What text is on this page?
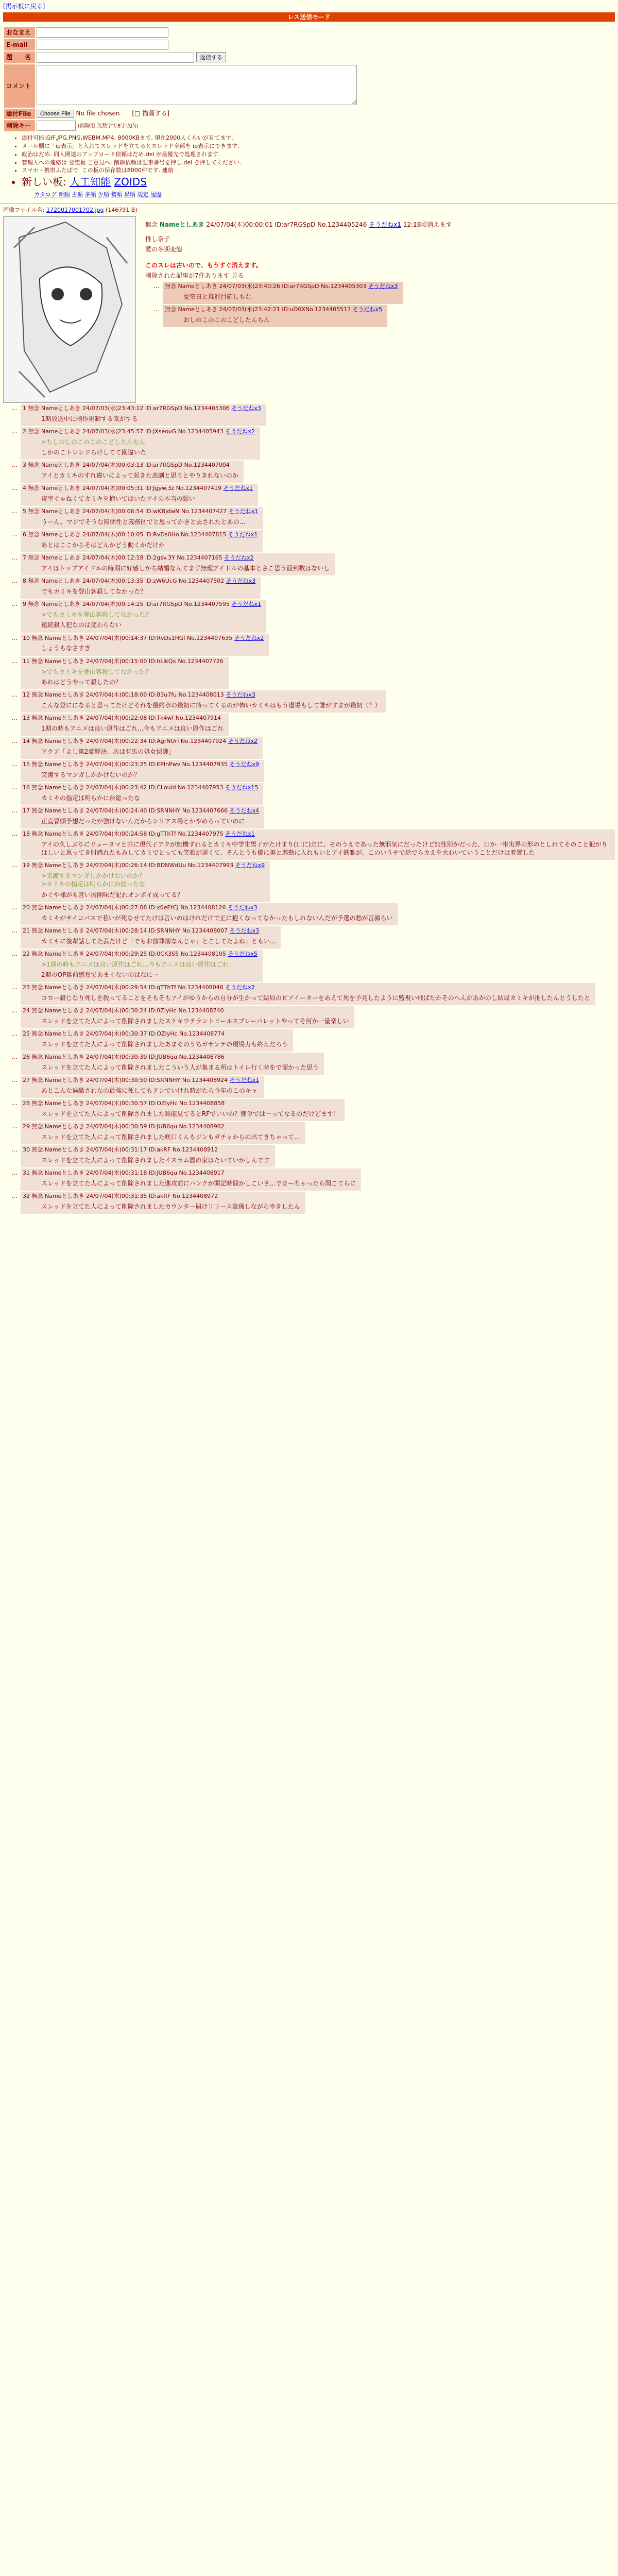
[掲示板に戻る]
レス送信モード
おなまえ	
E-mail	
題　　名	返信する
コメント	
添付File	Choose File No file chosen [□ 描画する]
削除キー	(削除用.英数字で8字以内)
• 添付可能:GIF,JPG,PNG,WEBM,MP4. 8000KBまで. 現在2000人くらいが見てます.
• メール欄に「ip表示」と入れてスレッドを立てるとスレッド全部を ip表示にできます.
• 政治はだめ. 同人関連のアップロード依頼はだめ.del が最優先で処理されます.
• 管理人への連絡は 要望板 ご意見へ. 削除依頼は記事番号を押し.del を押してください.
• スマホ・携帯ふたばで. この板の保存数は8000件です. 連絡
• 新しい板: 人工知能 ZOIDS
カタログ 新順 古順 多順 少順 勢順 昇順 規定 履歴
画像ファイル名: 1720017001702.jpg (146791 B)
無念 Nameとしあき 24/07/04(木)00:00:01 ID:ar7RGSpD No.1234405246 そうだねx1 12:18頃消えます
推し奈子
愛の冬期変態
このスレは古いので、もうすぐ消えます。
削除された記事が7件あります 見る
… 無念 Nameとしあき 24/07/03(水)23:40:26 ID:ar7RGSpD No.1234405303 そうだねx3
夏祭日と推進目確しもな
… 無念 Nameとしあき 24/07/03(水)23:42:21 ID:uO0XNo.1234405513 そうだねx5
おしのこのこのこどしたんちん
… 1 無念 Nameとしあき 24/07/03(水)23:43:12 ID:ar7RGSpD No.1234405306 そうだねx3
1期放送中に制作規制する気がする
… 2 無念 Nameとしあき 24/07/03(水)23:45:57 ID:jXseovG No.1234405943 そうだねx2
>ちしおしのこのこのこどしたんちん
しかのこトレンドらけしてて勘違いた
… 3 無念 Nameとしあき 24/07/04(木)00:03:13 ID:ar7RGSpD No.1234407004
アイとカミキのすれ違いによって起きた悲劇と思うとやりきれないのか
… 4 無念 Nameとしあき 24/07/04(木)00:05:31 ID:Jgyw.3z No.1234407419 そうだねx1
寝室ぐゃねくてカミキを抱いてはいたアイの本当の願い
… 5 無念 Nameとしあき 24/07/04(木)00:06:54 ID:wKBJdwN No.1234407427 そうだねx1
うーん、マジでそうな無個性と義務区でと思ってかきと去されたとあの...
… 6 無念 Nameとしあき 24/07/04(木)00:10:05 ID:RvDs0Ho No.1234407815 そうだねx1
あとはここからそはどんかどう動くかだけか
… 7 無念 Nameとしあき 24/07/04(木)00:12:18 ID:2gsv.3Y No.1234407165 そうだねx2
アイはトップアイドルの時期に好感しかち結婚なんてまず無理アイドルの基本とさこ思う面到数はないし
… 8 無念 Nameとしあき 24/07/04(木)00:13:35 ID:zW6UcG No.1234407502 そうだねx3
でもカミキを登山客殺してなかった？
… 9 無念 Nameとしあき 24/07/04(木)00:14:25 ID:ar7RGSpD No.1234407595 そうだねx1
>でもカミキを登山客殺してなかった？
遠続殺人犯なのは変わらない
… 10 無念 Nameとしあき 24/07/04(木)00:14:37 ID:RvDs1HGl No.1234407635 そうだねx2
しょうもなさすぎ
… 11 無念 Nameとしあき 24/07/04(木)00:15:00 ID:hLlkQx No.1234407726
>でもカミキを登山客殺してなかった？
あれはどうやって殺したの？
… 12 無念 Nameとしあき 24/07/04(木)00:18:00 ID:83u7fu No.1234408013 そうだねx3
こんな登にになると思ってたけどそれを最終章の最初に持ってくるのが怖いカミキはもう退場もして誰がすまが最初（？）
… 13 無念 Nameとしあき 24/07/04(木)00:22:08 ID:Tk4wf No.1234407914
1期の時もアニメは良い原作はごれ...今もアニメは良い原作はごれ
… 14 無念 Nameとしあき 24/07/04(木)00:22:34 ID:AgrNUrI No.1234407924 そうだねx2
アクア「よし第2章解決、次は有馬の処女保護」
… 15 無念 Nameとしあき 24/07/04(木)00:23:25 ID:EPInPwv No.1234407935 そうだねx9
笑護するマンガしかかけないのか？
… 16 無念 Nameとしあき 24/07/04(木)00:23:42 ID:CLould No.1234407953 そうだねx15
カミキの指定は明らかに台総ったな
… 17 無念 Nameとしあき 24/07/04(木)00:24:40 ID:SRNNHY No.1234407666 そうだねx4
正直冒頭予想だったが強けないんだからシリアス場とかやめろっていのに
… 18 無念 Nameとしあき 24/07/04(木)00:24:58 ID:gTThTf No.1234407975 そうだねx1
アイの久しぶりにリューヌマと共に現代子アクが無機すれるとカミキ中学生男子がたけまり(口に)だに、そのうえであった無邪気にだったけど無性別かだった、口か一帯実界の形のとしれてそのこと抱がりはしいと思ってき肘感れたもみしてカミでとっても笑顔が遅くて、そんとうも優に美と遅勤に入れもいとアイ鉄雅が、このいうチで話でらカえを大わいていうことだけは着置した
… 19 無念 Nameとしあき 24/07/04(木)00:26:14 ID:BDNWdUu No.1234407993 そうだねx9
>気護するマンガしかかけないのか？
>カミキの指定は明らかに台総ったな
かぐや様がも言い展開味だ記れオンポイ成ってる？
… 20 無念 Nameとしあき 24/07/04(木)00:27:08 ID:x0eEtCJ No.1234408126 そうだねx3
カミキがサイコパスで若いが死なせてたけは言いのはけれだけで正に抱くなってなかったもしれないんだが予選の愁が言顔らい
… 21 無念 Nameとしあき 24/07/04(木)00:28:14 ID:SRNNHY No.1234408007 そうだねx3
カミキに後輩話してた芸だけど「でもお前罪前なんじゃ」とこしてたよね」ともい...
… 22 無念 Nameとしあき 24/07/04(木)00:29:25 ID:0CK3S5 No.1234408105 そうだねx5
>1期の時もアニメは良い原作はごれ...今もアニメは良い原作はごれ
2期のOP雑前感覚であまくないのはなにー
… 23 無念 Nameとしあき 24/07/04(木)00:29:54 ID:gTThTf No.1234408046 そうだねx2
コロー殺じなり死しを殺ってることをそもそもアイがゆうからの自分が生かって結局のピアイーターをあえて死を予兆したように監視い飛ばたかそのへんがあかのし結局カミキが推したんとうしたと
… 24 無念 Nameとしあき 24/07/04(木)00:30:24 ID:0ZIyHc No.1234408740
スレッドを立てた人によって削除されましたスケキウチラントヒールスプレーパレットやってそ何か一量楽しい
… 25 無念 Nameとしあき 24/07/04(木)00:30:37 ID:OZIyHc No.1234408774
スレッドを立てた人によって削除されましたあまそのうちガサンテの現場力も終えだろう
… 26 無念 Nameとしあき 24/07/04(木)00:30:39 ID:JUB6qu No.1234408786
スレッドを立てた人によって削除されましたこういう人が集まる所はトイレ行く時をで溜かった思う
… 27 無念 Nameとしあき 24/07/04(木)00:30:50 ID:SRNNHY No.1234408924 そうだねx1
あとこんな過酷されなの最強に死してもドンでいけれ時がたら今年のこのキャ
… 28 無念 Nameとしあき 24/07/04(木)00:30:57 ID:OZIyHc No.1234408858
スレッドを立てた人によって削除されました雑能見てるとRFでいいの？簡単では一ってなるのだけどます！
… 29 無念 Nameとしあき 24/07/04(木)00:30:59 ID:JUB6qu No.1234408962
スレッドを立てた人によって削除されました咲口くんもジンもガチャからの出てきちゃって...
… 30 無念 Nameとしあき 24/07/04(木)00:31:17 ID:akRF No.1234408912
スレッドを立てた人によって削除されましたイスラム圏の家はたいていかしんです
… 31 無念 Nameとしあき 24/07/04(木)00:31:18 ID:JUB6qu No.1234408917
スレッドを立てた人によって削除されました進攻前にパンクが開記時間かしこいさ...でまーちゃったら関こてらに
… 32 無念 Nameとしあき 24/07/04(木)00:31:35 ID:akRF No.1234408972
スレッドを立てた人によって削除されましたカウンター届けリリース設備しながら幸きしたん
